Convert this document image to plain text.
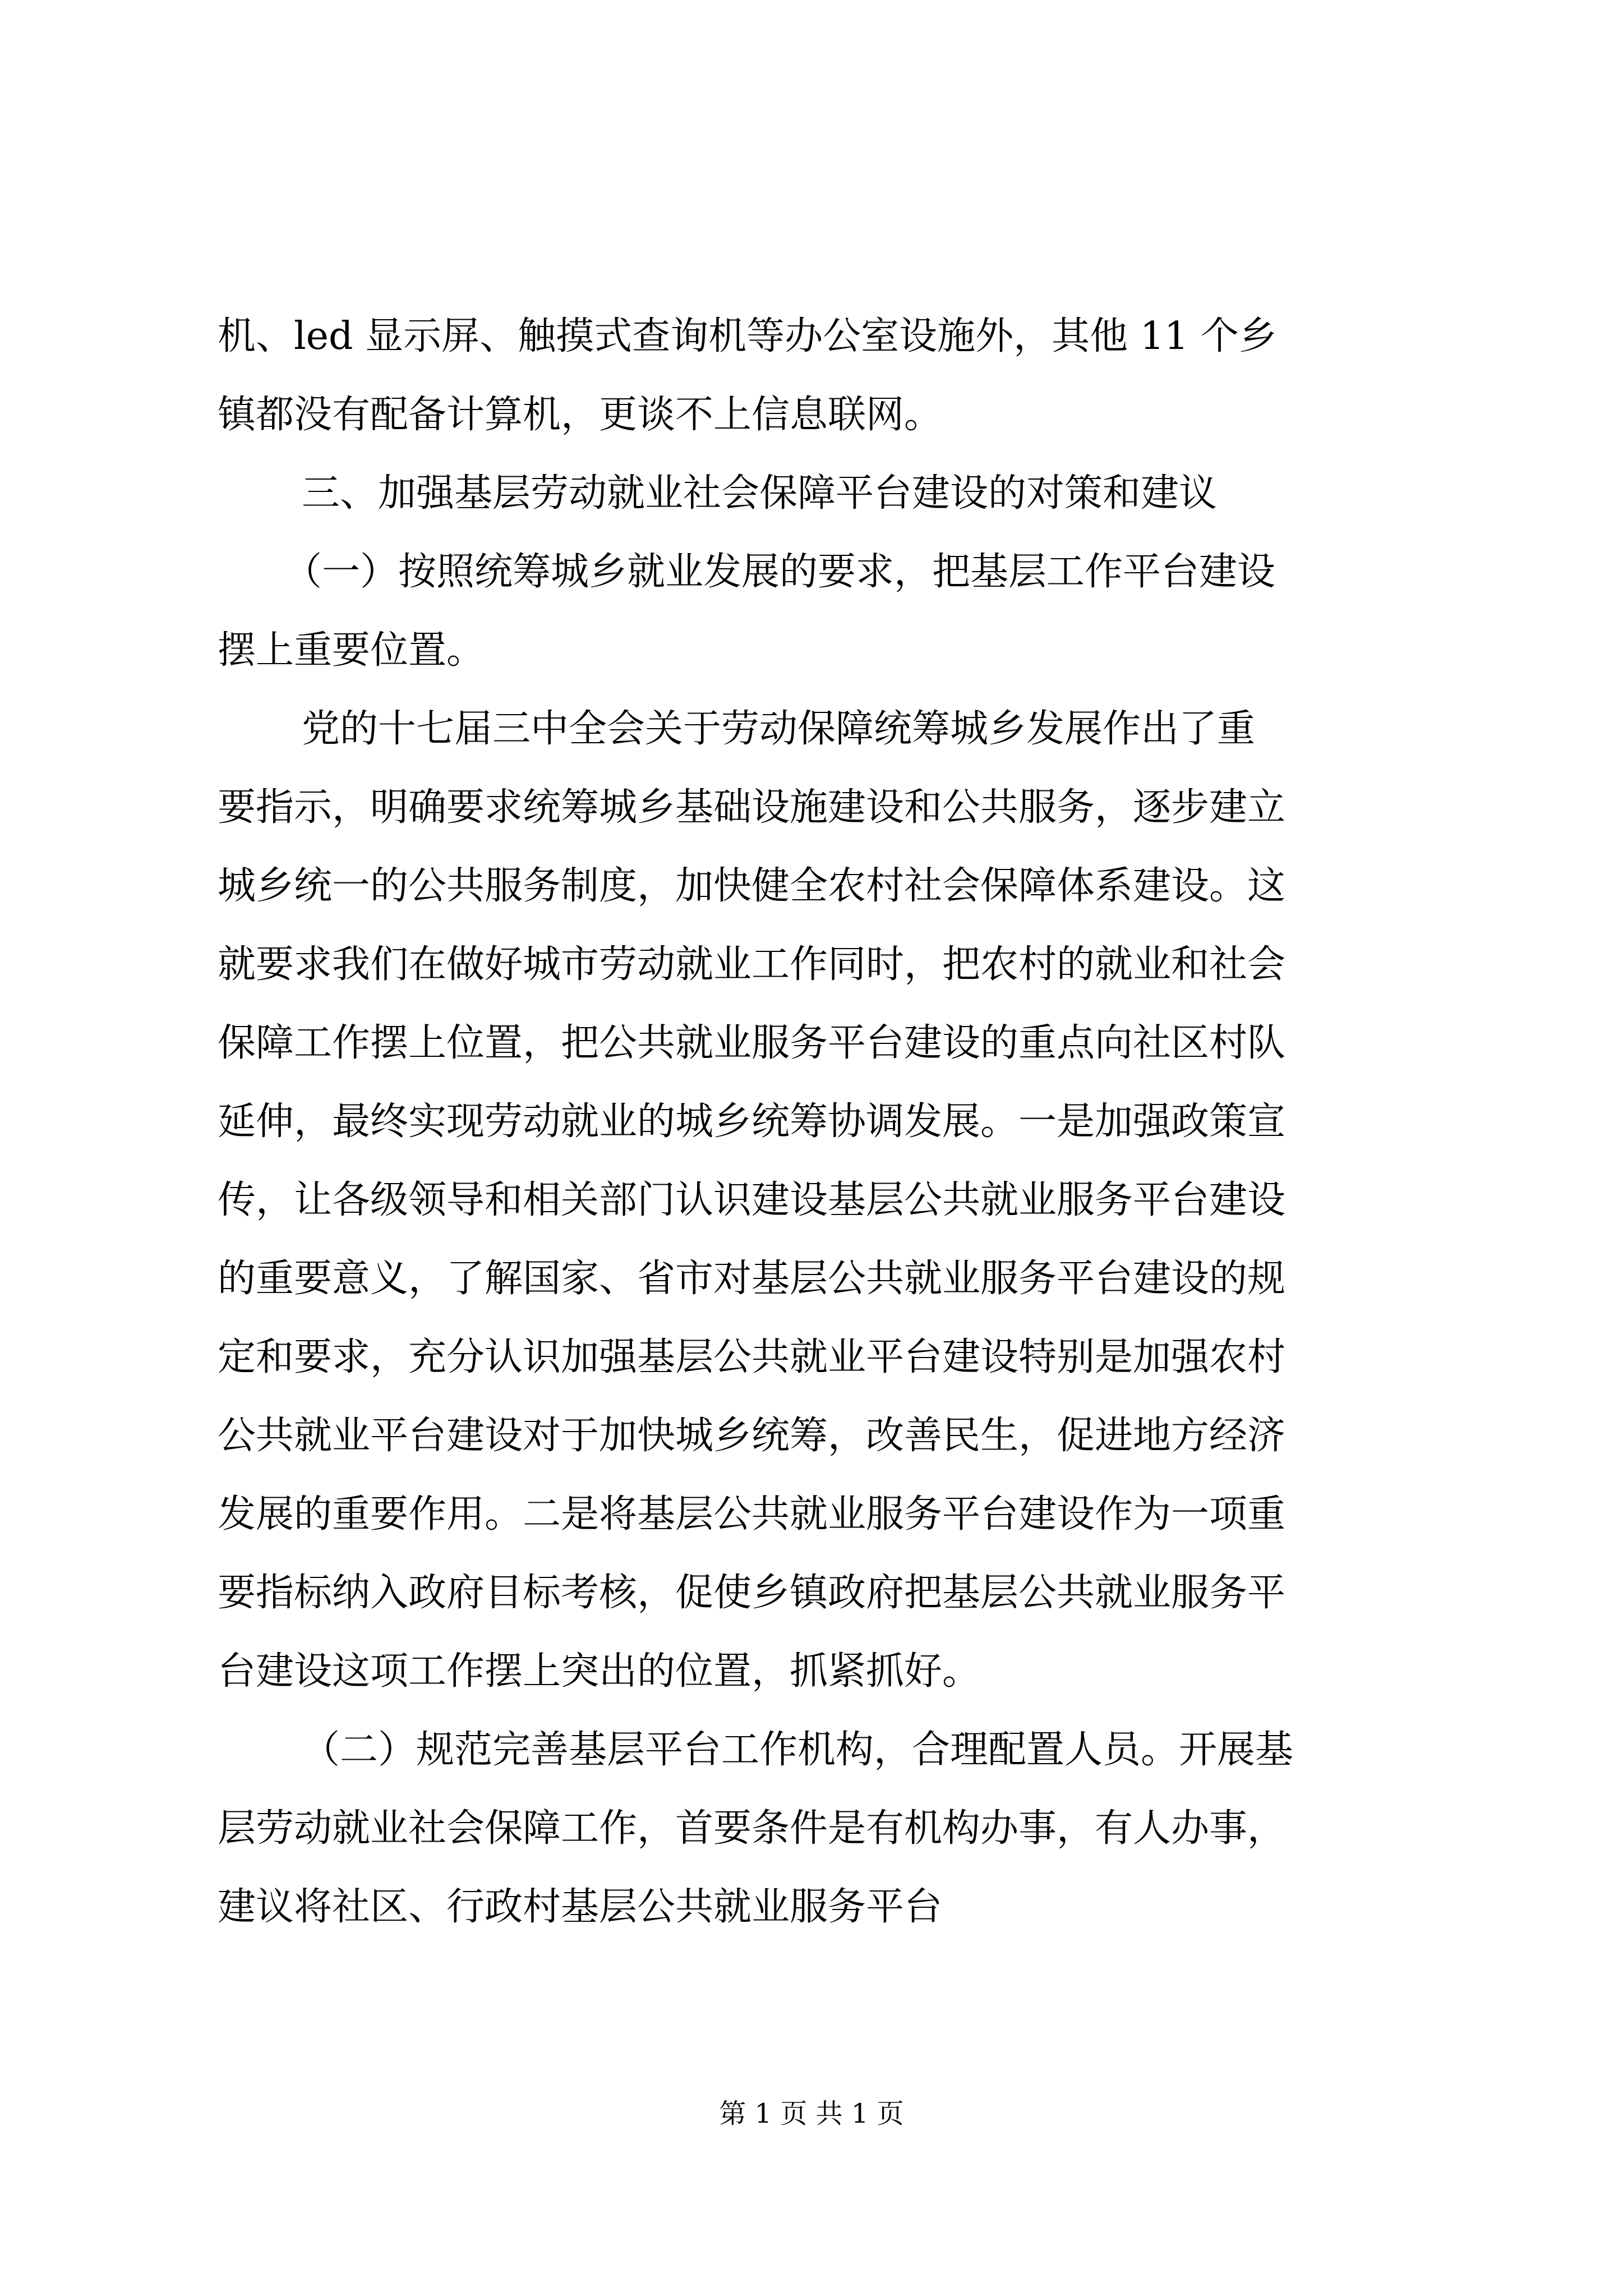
机、led 显示屏、触摸式查询机等办公室设施外，其他 11 个乡
镇都没有配备计算机，更谈不上信息联网。
三、加强基层劳动就业社会保障平台建设的对策和建议
（一）按照统筹城乡就业发展的要求，把基层工作平台建设
摆上重要位置。
党的十七届三中全会关于劳动保障统筹城乡发展作出了重
要指示，明确要求统筹城乡基础设施建设和公共服务，逐步建立
城乡统一的公共服务制度，加快健全农村社会保障体系建设。这
就要求我们在做好城市劳动就业工作同时，把农村的就业和社会
保障工作摆上位置，把公共就业服务平台建设的重点向社区村队
延伸，最终实现劳动就业的城乡统筹协调发展。一是加强政策宣
传，让各级领导和相关部门认识建设基层公共就业服务平台建设
的重要意义，了解国家、省市对基层公共就业服务平台建设的规
定和要求，充分认识加强基层公共就业平台建设特别是加强农村
公共就业平台建设对于加快城乡统筹，改善民生，促进地方经济
发展的重要作用。二是将基层公共就业服务平台建设作为一项重
要指标纳入政府目标考核，促使乡镇政府把基层公共就业服务平
台建设这项工作摆上突出的位置，抓紧抓好。
（二）规范完善基层平台工作机构，合理配置人员。开展基
层劳动就业社会保障工作，首要条件是有机构办事，有人办事，
建议将社区、行政村基层公共就业服务平台
第 1 页 共 1 页
